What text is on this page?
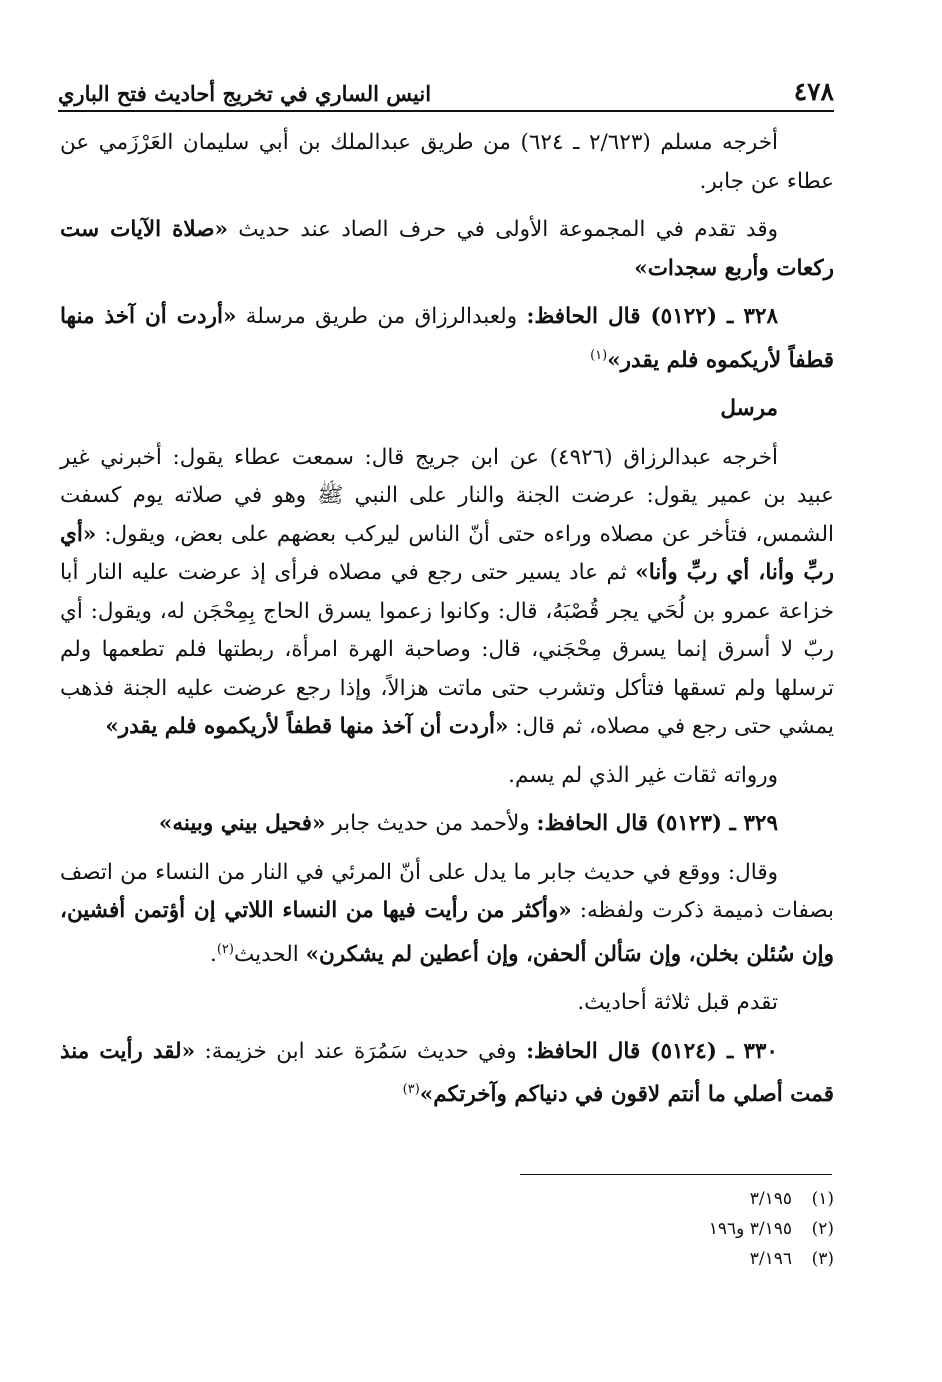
انيس الساري في تخريج أحاديث فتح الباري	٤٧٨

أخرجه مسلم (٢/٦٢٣ ـ ٦٢٤) من طريق عبدالملك بن أبي سليمان العَرْزَمي عن عطاء عن جابر.

وقد تقدم في المجموعة الأولى في حرف الصاد عند حديث «صلاة الآيات ست ركعات وأربع سجدات»

٣٢٨ ـ (٥١٢٢) قال الحافظ: ولعبدالرزاق من طريق مرسلة «أردت أن آخذ منها قطفاً لأريكموه فلم يقدر»$^{(١)}$

مرسل

أخرجه عبدالرزاق (٤٩٢٦) عن ابن جريج قال: سمعت عطاء يقول: أخبرني غير عبيد بن عمير يقول: عرضت الجنة والنار على النبي ﷺ وهو في صلاته يوم كسفت الشمس، فتأخر عن مصلاه وراءه حتى أنّ الناس ليركب بعضهم على بعض، ويقول: «أي ربِّ وأنا، أي ربِّ وأنا» ثم عاد يسير حتى رجع في مصلاه فرأى إذ عرضت عليه النار أبا خزاعة عمرو بن لُحَي يجر قُصْبَهُ، قال: وكانوا زعموا يسرق الحاج بِمِحْجَن له، ويقول: أي ربّ لا أسرق إنما يسرق مِحْجَني، قال: وصاحبة الهرة امرأة، ربطتها فلم تطعمها ولم ترسلها ولم تسقها فتأكل وتشرب حتى ماتت هزالاً، وإذا رجع عرضت عليه الجنة فذهب يمشي حتى رجع في مصلاه، ثم قال: «أردت أن آخذ منها قطفاً لأريكموه فلم يقدر»

ورواته ثقات غير الذي لم يسم.

٣٢٩ ـ (٥١٢٣) قال الحافظ: ولأحمد من حديث جابر «فحيل بيني وبينه»

وقال: ووقع في حديث جابر ما يدل على أنّ المرئي في النار من النساء من اتصف بصفات ذميمة ذكرت ولفظه: «وأكثر من رأيت فيها من النساء اللاتي إن أؤتمن أفشين، وإن سُئلن بخلن، وإن سَألن ألحفن، وإن أعطين لم يشكرن» الحديث$^{(٢)}$.

تقدم قبل ثلاثة أحاديث.

٣٣٠ ـ (٥١٢٤) قال الحافظ: وفي حديث سَمُرَة عند ابن خزيمة: «لقد رأيت منذ قمت أصلي ما أنتم لاقون في دنياكم وآخرتكم»$^{(٣)}$

(١)
٣/١٩٥
(٢)
٣/١٩٥ و١٩٦
(٣)
٣/١٩٦
